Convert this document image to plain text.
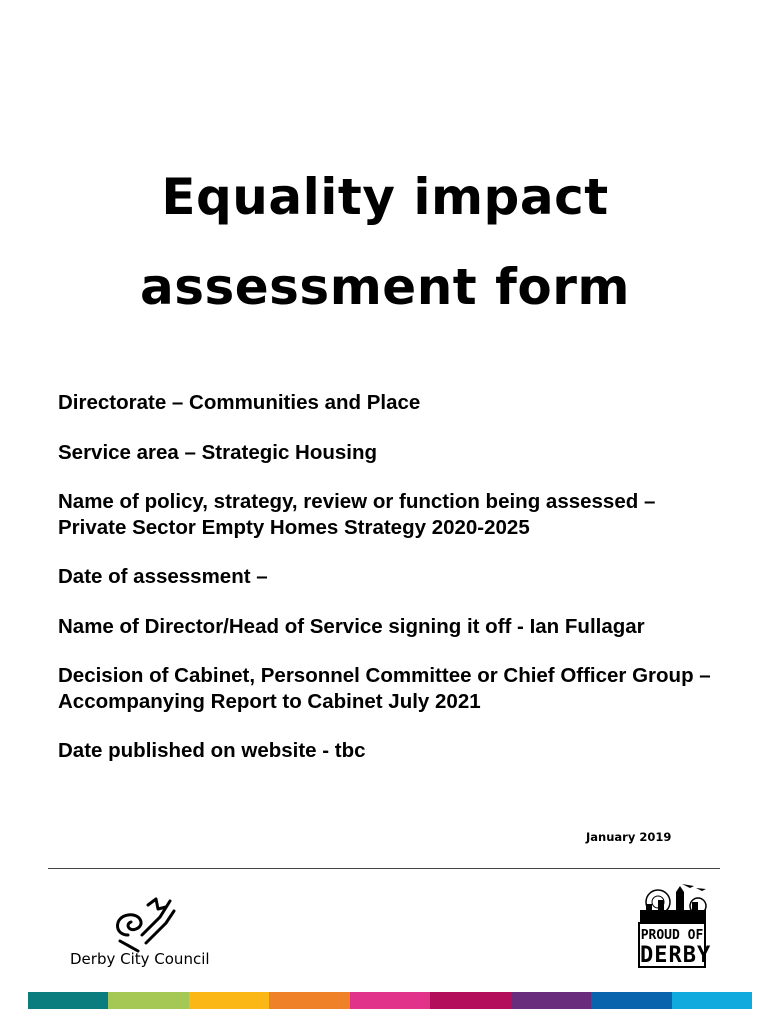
Equality impact
assessment form

Directorate – Communities and Place

Service area – Strategic Housing

Name of policy, strategy, review or function being assessed – Private Sector Empty Homes Strategy 2020-2025

Date of assessment –

Name of Director/Head of Service signing it off - Ian Fullagar

Decision of Cabinet, Personnel Committee or Chief Officer Group – Accompanying Report to Cabinet July 2021

Date published on website - tbc

January 2019
Derby City Council
PROUD OF
DERBY
